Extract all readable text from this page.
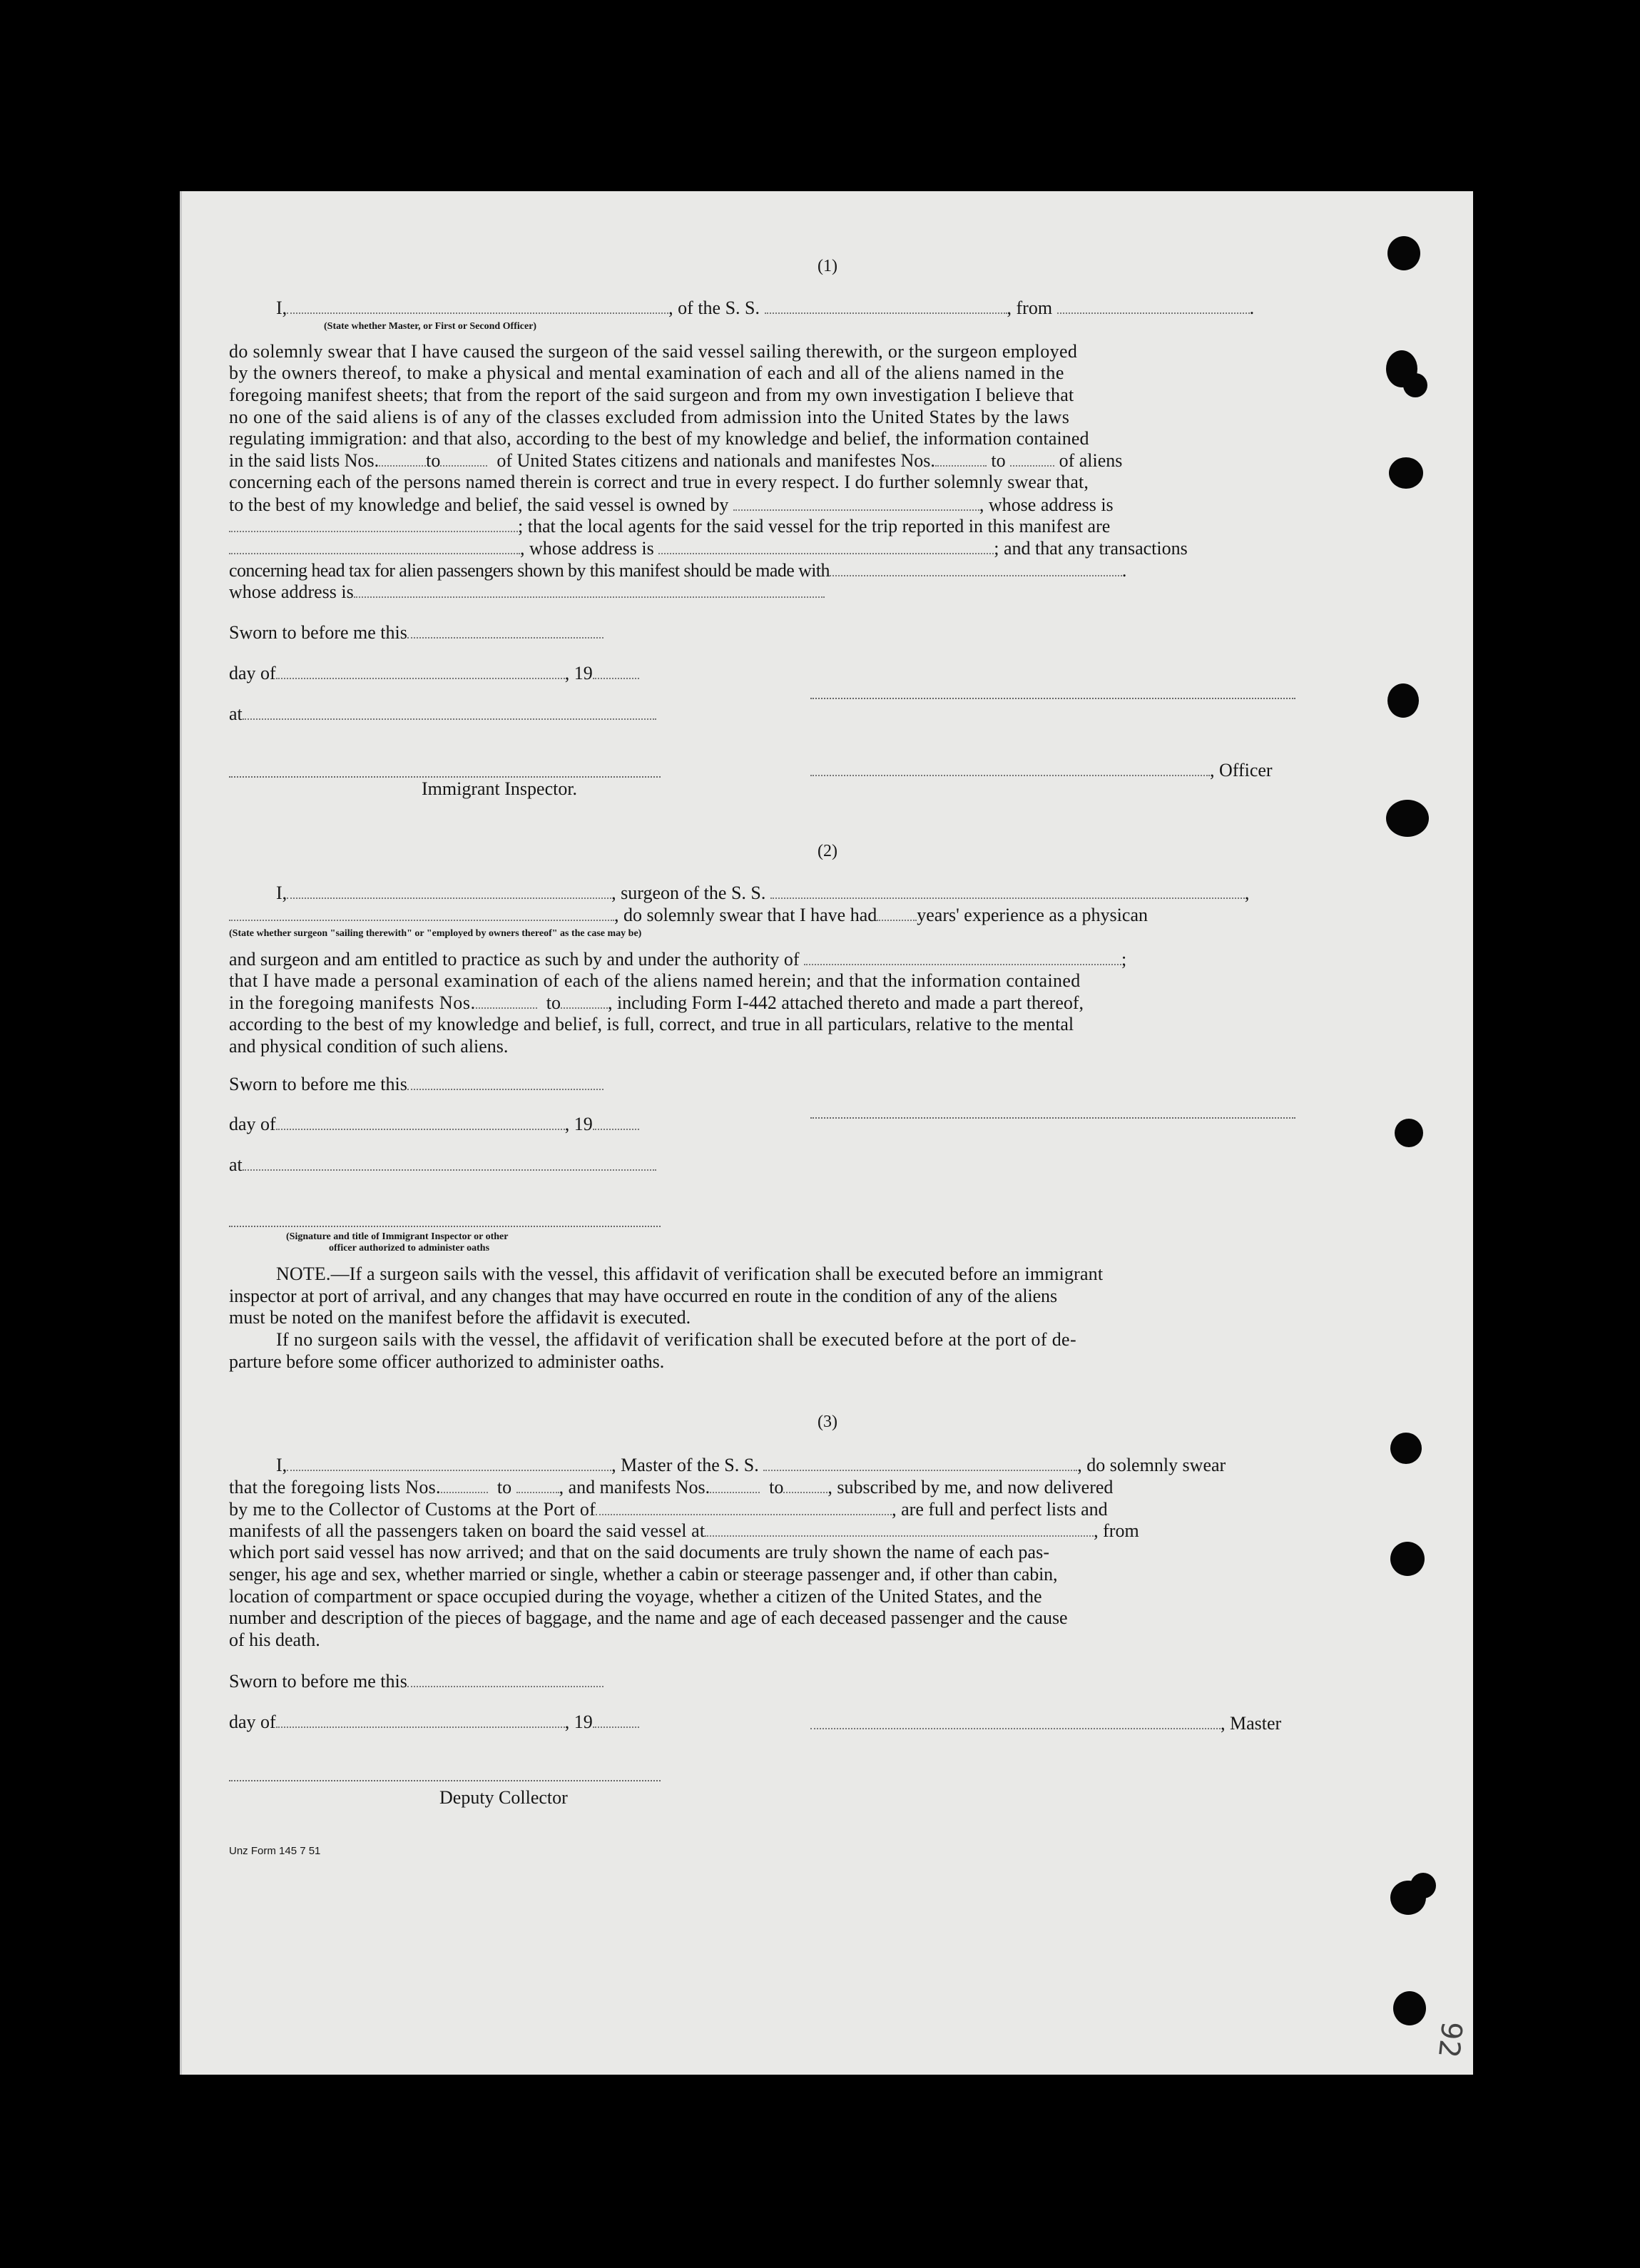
92
(1)
I,	, of the S. S.	, from	.
(State whether Master, or First or Second Officer)
do solemnly swear that I have caused the surgeon of the said vessel sailing therewith, or the surgeon employed
by the owners thereof, to make a physical and mental examination of each and all of the aliens named in the
foregoing manifest sheets; that from the report of the said surgeon and from my own investigation I believe that
no one of the said aliens is of any of the classes excluded from admission into the United States by the laws
regulating immigration: and that also, according to the best of my knowledge and belief, the information contained
in the said lists Nos.	to	of United States citizens and nationals and manifestes Nos.	to	of aliens
concerning each of the persons named therein is correct and true in every respect. I do further solemnly swear that,
to the best of my knowledge and belief, the said vessel is owned by	, whose address is
; that the local agents for the said vessel for the trip reported in this manifest are
, whose address is	; and that any transactions
concerning head tax for alien passengers shown by this manifest should be made with	.
whose address is
Sworn to before me this
day of	, 19
at
, Officer
Immigrant Inspector.
(2)
I,	, surgeon of the S. S.	,
, do solemnly swear that I have had years' experience as a physican
(State whether surgeon "sailing therewith" or "employed by owners thereof" as the case may be)
and surgeon and am entitled to practice as such by and under the authority of	;
that I have made a personal examination of each of the aliens named herein; and that the information contained
in the foregoing manifests Nos.	to	, including Form I-442 attached thereto and made a part thereof,
according to the best of my knowledge and belief, is full, correct, and true in all particulars, relative to the mental
and physical condition of such aliens.
Sworn to before me this
day of	, 19
at
(Signature and title of Immigrant Inspector or other
officer authorized to administer oaths
NOTE.—If a surgeon sails with the vessel, this affidavit of verification shall be executed before an immigrant
inspector at port of arrival, and any changes that may have occurred en route in the condition of any of the aliens
must be noted on the manifest before the affidavit is executed.
If no surgeon sails with the vessel, the affidavit of verification shall be executed before at the port of de-
parture before some officer authorized to administer oaths.
(3)
I,	, Master of the S. S.	, do solemnly swear
that the foregoing lists Nos.	to	, and manifests Nos.	to , subscribed by me, and now delivered
by me to the Collector of Customs at the Port of	, are full and perfect lists and
manifests of all the passengers taken on board the said vessel at	, from
which port said vessel has now arrived; and that on the said documents are truly shown the name of each pas-
senger, his age and sex, whether married or single, whether a cabin or steerage passenger and, if other than cabin,
location of compartment or space occupied during the voyage, whether a citizen of the United States, and the
number and description of the pieces of baggage, and the name and age of each deceased passenger and the cause
of his death.
Sworn to before me this
day of	, 19	, Master
Deputy Collector
Unz Form 145 7 51
